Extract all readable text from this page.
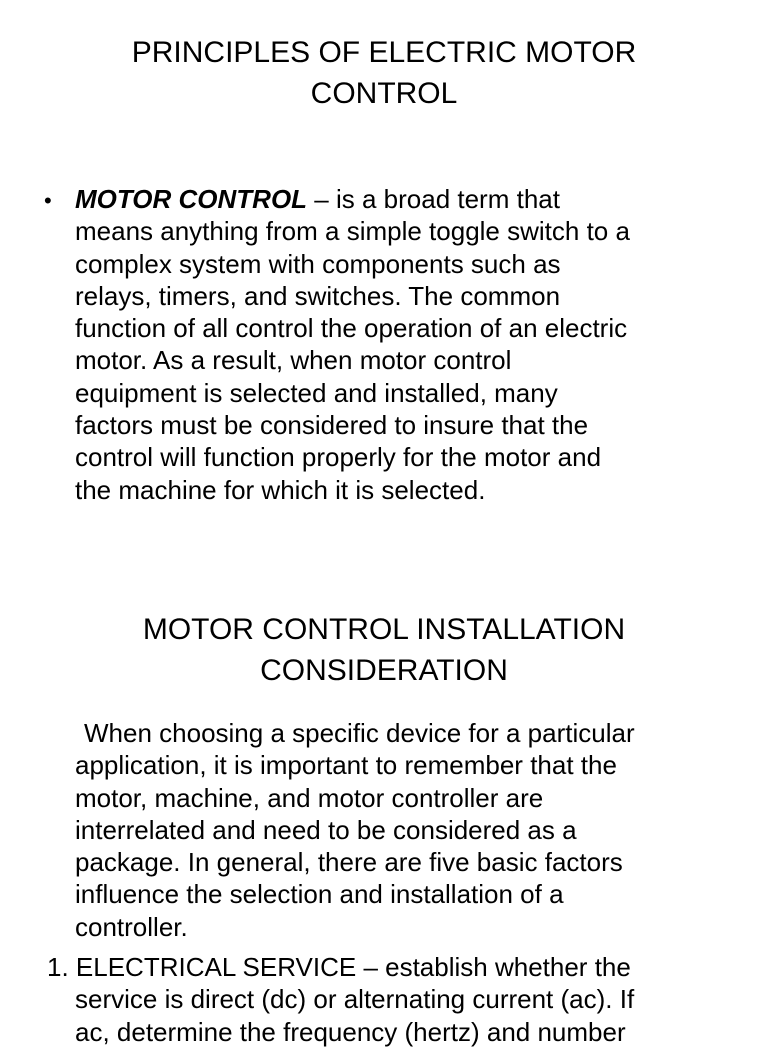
PRINCIPLES OF ELECTRIC MOTOR
CONTROL
• MOTOR CONTROL – is a broad term that
means anything from a simple toggle switch to a
complex system with components such as
relays, timers, and switches. The common
function of all control the operation of an electric
motor. As a result, when motor control
equipment is selected and installed, many
factors must be considered to insure that the
control will function properly for the motor and
the machine for which it is selected.

MOTOR CONTROL INSTALLATION
CONSIDERATION

When choosing a specific device for a particular
application, it is important to remember that the
motor, machine, and motor controller are
interrelated and need to be considered as a
package. In general, there are five basic factors
influence the selection and installation of a
controller.

1. ELECTRICAL SERVICE – establish whether the
service is direct (dc) or alternating current (ac). If
ac, determine the frequency (hertz) and number
